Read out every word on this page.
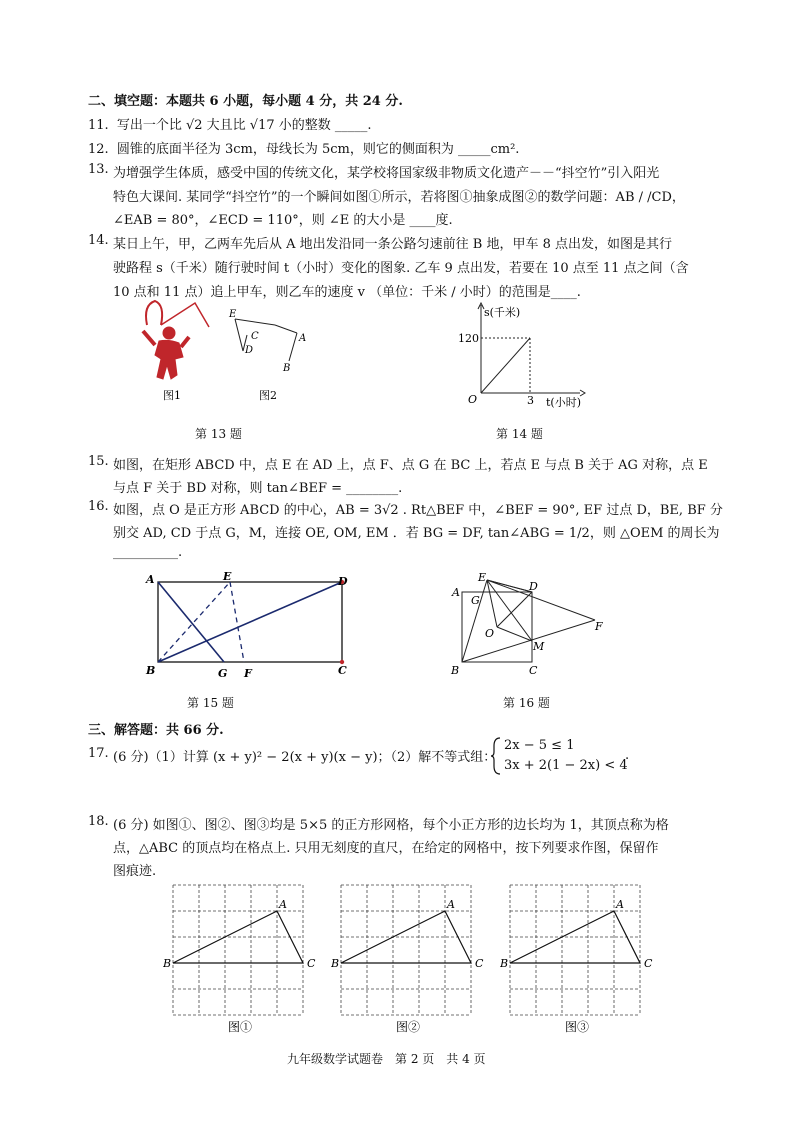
二、填空题：本题共 6 小题，每小题 4 分，共 24 分.
11. 写出一个比 √2 大且比 √17 小的整数 _____.
12. 圆锥的底面半径为 3cm，母线长为 5cm，则它的侧面积为 _____cm².
13. 为增强学生体质，感受中国的传统文化，某学校将国家级非物质文化遗产－－“抖空竹”引入阳光
特色大课间. 某同学“抖空竹”的一个瞬间如图①所示，若将图①抽象成图②的数学问题：AB / /CD，
∠EAB = 80°，∠ECD = 110°，则 ∠E 的大小是 ____度.
14. 某日上午，甲，乙两车先后从 A 地出发沿同一条公路匀速前往 B 地，甲车 8 点出发，如图是其行
驶路程 s（千米）随行驶时间 t（小时）变化的图象. 乙车 9 点出发，若要在 10 点至 11 点之间（含
10 点和 11 点）追上甲车，则乙车的速度 v （单位：千米 / 小时）的范围是____.
图1
E
C
D
A
B
图2
第 13 题
s(千米)
t(小时)
O
120
3
第 14 题
15. 如图，在矩形 ABCD 中，点 E 在 AD 上，点 F、点 G 在 BC 上，若点 E 与点 B 关于 AG 对称，点 E
与点 F 关于 BD 对称，则 tan∠BEF = ________.
16. 如图，点 O 是正方形 ABCD 的中心，AB = 3√2 . Rt△BEF 中，∠BEF = 90°, EF 过点 D，BE, BF 分
别交 AD, CD 于点 G，M，连接 OE, OM, EM ．若 BG = DF, tan∠ABG = 1/2，则 △OEM 的周长为
__________.
A	E	D
B	G F	C
第 15 题
E
D
A
G
O
M
F
B	C
第 16 题
三、解答题：共 66 分.
17. (6 分)（1）计算 (x + y)² − 2(x + y)(x − y)；（2）解不等式组：
2x − 5 ≤ 1
3x + 2(1 − 2x) < 4
.
18. (6 分) 如图①、图②、图③均是 5×5 的正方形网格，每个小正方形的边长均为 1，其顶点称为格
点，△ABC 的顶点均在格点上. 只用无刻度的直尺，在给定的网格中，按下列要求作图，保留作
图痕迹.
A
B	C
图①
A
B	C
图②
A
B	C
图③
九年级数学试题卷　第 2 页　共 4 页
